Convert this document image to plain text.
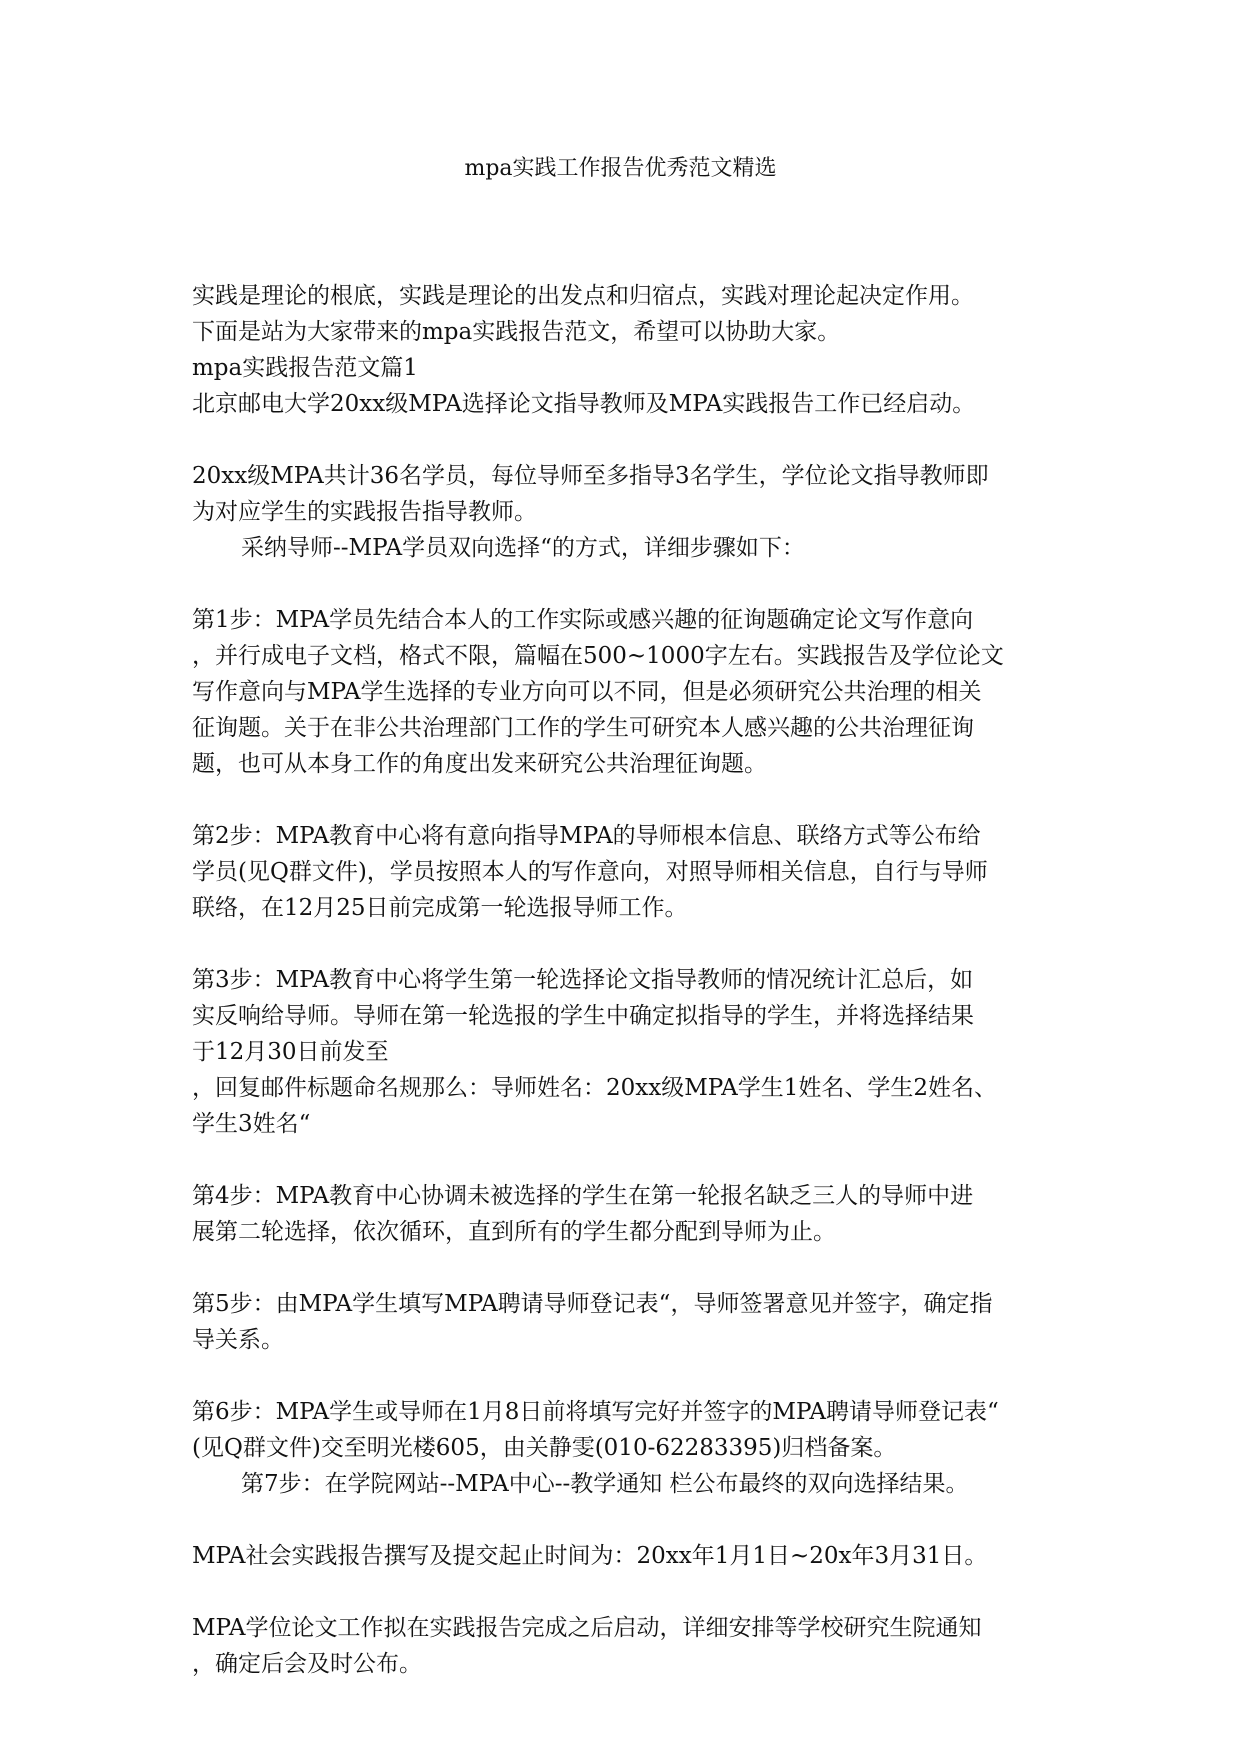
mpa实践工作报告优秀范文精选

实践是理论的根底，实践是理论的出发点和归宿点，实践对理论起决定作用。

下面是站为大家带来的mpa实践报告范文，希望可以协助大家。

mpa实践报告范文篇1

北京邮电大学20xx级MPA选择论文指导教师及MPA实践报告工作已经启动。

20xx级MPA共计36名学员，每位导师至多指导3名学生，学位论文指导教师即

为对应学生的实践报告指导教师。

采纳导师--MPA学员双向选择“的方式，详细步骤如下：

第1步：MPA学员先结合本人的工作实际或感兴趣的征询题确定论文写作意向

，并行成电子文档，格式不限，篇幅在500~1000字左右。实践报告及学位论文

写作意向与MPA学生选择的专业方向可以不同，但是必须研究公共治理的相关

征询题。关于在非公共治理部门工作的学生可研究本人感兴趣的公共治理征询

题，也可从本身工作的角度出发来研究公共治理征询题。

第2步：MPA教育中心将有意向指导MPA的导师根本信息、联络方式等公布给

学员(见Q群文件)，学员按照本人的写作意向，对照导师相关信息，自行与导师

联络，在12月25日前完成第一轮选报导师工作。

第3步：MPA教育中心将学生第一轮选择论文指导教师的情况统计汇总后，如

实反响给导师。导师在第一轮选报的学生中确定拟指导的学生，并将选择结果

于12月30日前发至

，回复邮件标题命名规那么：导师姓名：20xx级MPA学生1姓名、学生2姓名、

学生3姓名“

第4步：MPA教育中心协调未被选择的学生在第一轮报名缺乏三人的导师中进

展第二轮选择，依次循环，直到所有的学生都分配到导师为止。

第5步：由MPA学生填写MPA聘请导师登记表“，导师签署意见并签字，确定指

导关系。

第6步：MPA学生或导师在1月8日前将填写完好并签字的MPA聘请导师登记表“

(见Q群文件)交至明光楼605，由关静雯(010-62283395)归档备案。

第7步：在学院网站--MPA中心--教学通知 栏公布最终的双向选择结果。

MPA社会实践报告撰写及提交起止时间为：20xx年1月1日~20x年3月31日。

MPA学位论文工作拟在实践报告完成之后启动，详细安排等学校研究生院通知

，确定后会及时公布。
